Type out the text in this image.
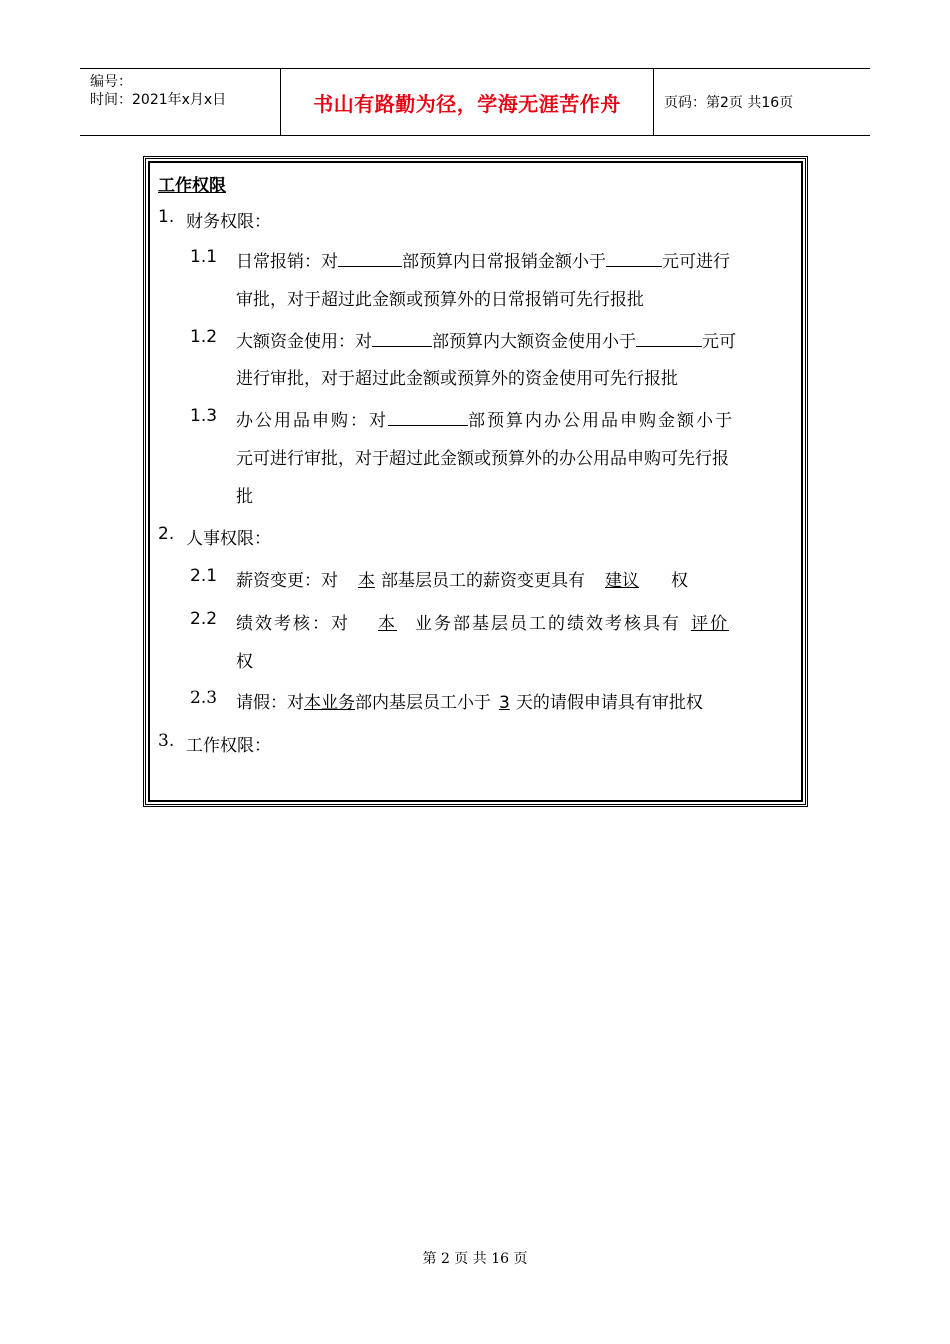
编号：
时间：2021年x月x日	书山有路勤为径，学海无涯苦作舟	页码：第2页 共16页
工作权限
1. 财务权限：
1.1 日常报销：对	部预算内日常报销金额小于	元可进行
审批，对于超过此金额或预算外的日常报销可先行报批
1.2 大额资金使用：对	部预算内大额资金使用小于	元可
进行审批，对于超过此金额或预算外的资金使用可先行报批
1.3 办公用品申购：对	部预算内办公用品申购金额小于
元可进行审批，对于超过此金额或预算外的办公用品申购可先行报
批
2. 人事权限：
2.1 薪资变更：对 本 部基层员工的薪资变更具有 建议 权
2.2 绩效考核：对 本 业务部基层员工的绩效考核具有 评价
权
2.3 请假：对本业务部内基层员工小于 3 天的请假申请具有审批权
3. 工作权限：
第 2 页 共 16 页
